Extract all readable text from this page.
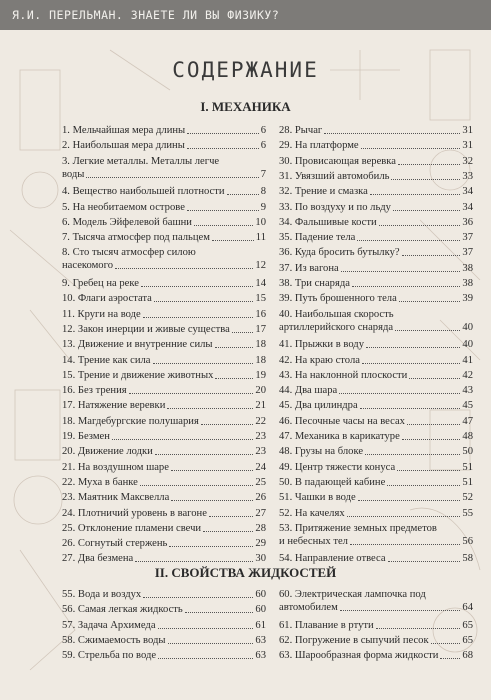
Я.И. ПЕРЕЛЬМАН. ЗНАЕТЕ ЛИ ВЫ ФИЗИКУ?
СОДЕРЖАНИЕ
I. МЕХАНИКА
1. Мельчайшая мера длины	6
2. Наибольшая мера длины	6
3. Легкие металлы. Металлы легче
воды	7
4. Вещество наибольшей плотности	8
5. На необитаемом острове	9
6. Модель Эйфелевой башни	10
7. Тысяча атмосфер под пальцем	11
8. Сто тысяч атмосфер силою
насекомого	12
9. Гребец на реке	14
10. Флаги аэростата	15
11. Круги на воде	16
12. Закон инерции и живые существа 17
13. Движение и внутренние силы	18
14. Трение как сила	18
15. Трение и движение животных	19
16. Без трения	20
17. Натяжение веревки	21
18. Магдебургские полушария	22
19. Безмен	23
20. Движение лодки	23
21. На воздушном шаре	24
22. Муха в банке	25
23. Маятник Максвелла	26
24. Плотничий уровень в вагоне	27
25. Отклонение пламени свечи	28
26. Согнутый стержень	29
27. Два безмена	30
28. Рычаг	31
29. На платформе	31
30. Провисающая веревка	32
31. Увязший автомобиль	33
32. Трение и смазка	34
33. По воздуху и по льду	34
34. Фальшивые кости	36
35. Падение тела	37
36. Куда бросить бутылку?	37
37. Из вагона	38
38. Три снаряда	38
39. Путь брошенного тела	39
40. Наибольшая скорость
артиллерийского снаряда	40
41. Прыжки в воду	40
42. На краю стола	41
43. На наклонной плоскости	42
44. Два шара	43
45. Два цилиндра	45
46. Песочные часы на весах	47
47. Механика в карикатуре	48
48. Грузы на блоке	50
49. Центр тяжести конуса	51
50. В падающей кабине	51
51. Чашки в воде	52
52. На качелях	55
53. Притяжение земных предметов
и небесных тел	56
54. Направление отвеса	58
II. СВОЙСТВА ЖИДКОСТЕЙ
55. Вода и воздух	60
56. Самая легкая жидкость	60
57. Задача Архимеда	61
58. Сжимаемость воды	63
59. Стрельба по воде	63
60. Электрическая лампочка под
автомобилем	64
61. Плавание в ртути	65
62. Погружение в сыпучий песок	65
63. Шарообразная форма жидкости 68
